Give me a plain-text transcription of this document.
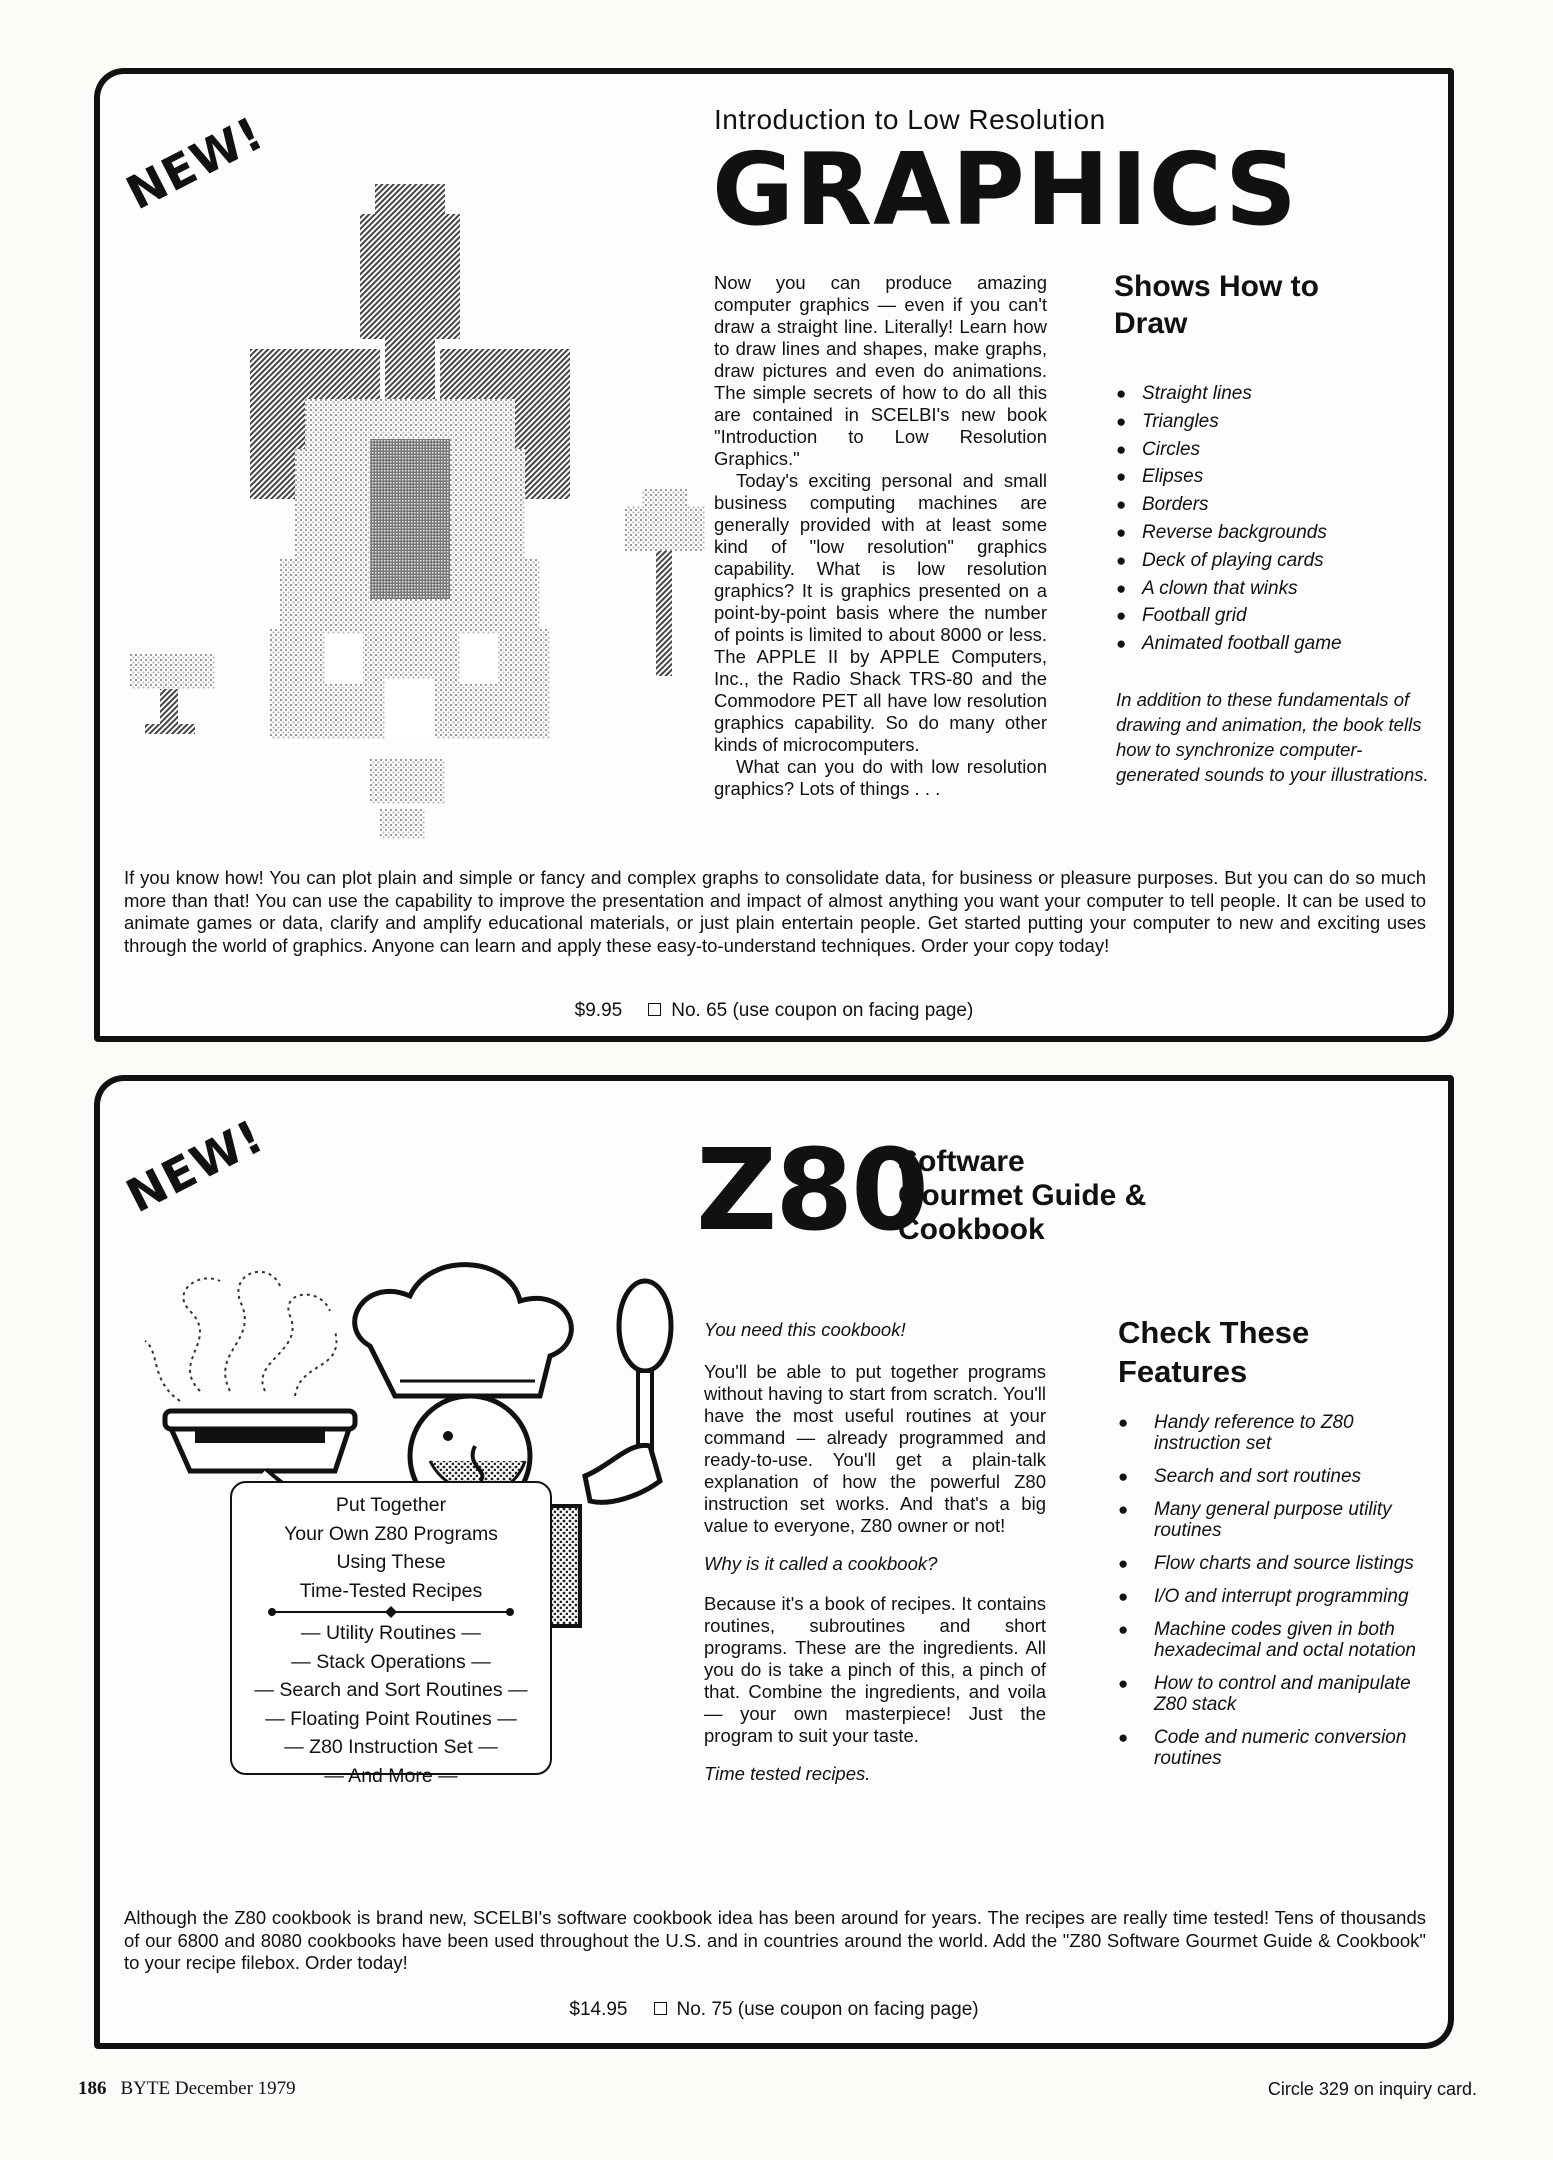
NEW!	Introduction to Low Resolution
GRAPHICS

Now you can produce amazing computer graphics — even if you can't draw a straight line. Literally! Learn how to draw lines and shapes, make graphs, draw pictures and even do animations. The simple secrets of how to do all this are contained in SCELBI's new book "Introduction to Low Resolution Graphics."

Today's exciting personal and small business computing machines are generally provided with at least some kind of "low resolution" graphics capability. What is low resolution graphics? It is graphics presented on a point-by-point basis where the number of points is limited to about 8000 or less. The APPLE II by APPLE Computers, Inc., the Radio Shack TRS-80 and the Commodore PET all have low resolution graphics capability. So do many other kinds of microcomputers.

What can you do with low resolution graphics? Lots of things . . .

Shows How to Draw
● Straight lines
● Triangles
● Circles
● Elipses
● Borders
● Reverse backgrounds
● Deck of playing cards
● A clown that winks
● Football grid
● Animated football game
In addition to these fundamentals of drawing and animation, the book tells how to synchronize computer-generated sounds to your illustrations.
If you know how! You can plot plain and simple or fancy and complex graphs to consolidate data, for business or pleasure purposes. But you can do so much more than that! You can use the capability to improve the presentation and impact of almost anything you want your computer to tell people. It can be used to animate games or data, clarify and amplify educational materials, or just plain entertain people. Get started putting your computer to new and exciting uses through the world of graphics. Anyone can learn and apply these easy-to-understand techniques. Order your copy today!
$9.95	No. 65 (use coupon on facing page)
NEW!
Put Together
Your Own Z80 Programs
Using These
Time-Tested Recipes
— Utility Routines —
— Stack Operations —
— Search and Sort Routines —
— Floating Point Routines —
— Z80 Instruction Set —
— And More —
Z80
Software
Gourmet Guide &
Cookbook

You need this cookbook!

You'll be able to put together programs without having to start from scratch. You'll have the most useful routines at your command — already programmed and ready-to-use. You'll get a plain-talk explanation of how the powerful Z80 instruction set works. And that's a big value to everyone, Z80 owner or not!

Why is it called a cookbook?

Because it's a book of recipes. It contains routines, subroutines and short programs. These are the ingredients. All you do is take a pinch of this, a pinch of that. Combine the ingredients, and voila — your own masterpiece! Just the program to suit your taste.

Time tested recipes.

Check These Features
● Handy reference to Z80 instruction set
● Search and sort routines
● Many general purpose utility routines
● Flow charts and source listings
● I/O and interrupt programming
● Machine codes given in both hexadecimal and octal notation
● How to control and manipulate Z80 stack
● Code and numeric conversion routines
Although the Z80 cookbook is brand new, SCELBI's software cookbook idea has been around for years. The recipes are really time tested! Tens of thousands of our 6800 and 8080 cookbooks have been used throughout the U.S. and in countries around the world. Add the "Z80 Software Gourmet Guide & Cookbook" to your recipe filebox. Order today!
$14.95	No. 75 (use coupon on facing page)
186 BYTE December 1979	Circle 329 on inquiry card.
